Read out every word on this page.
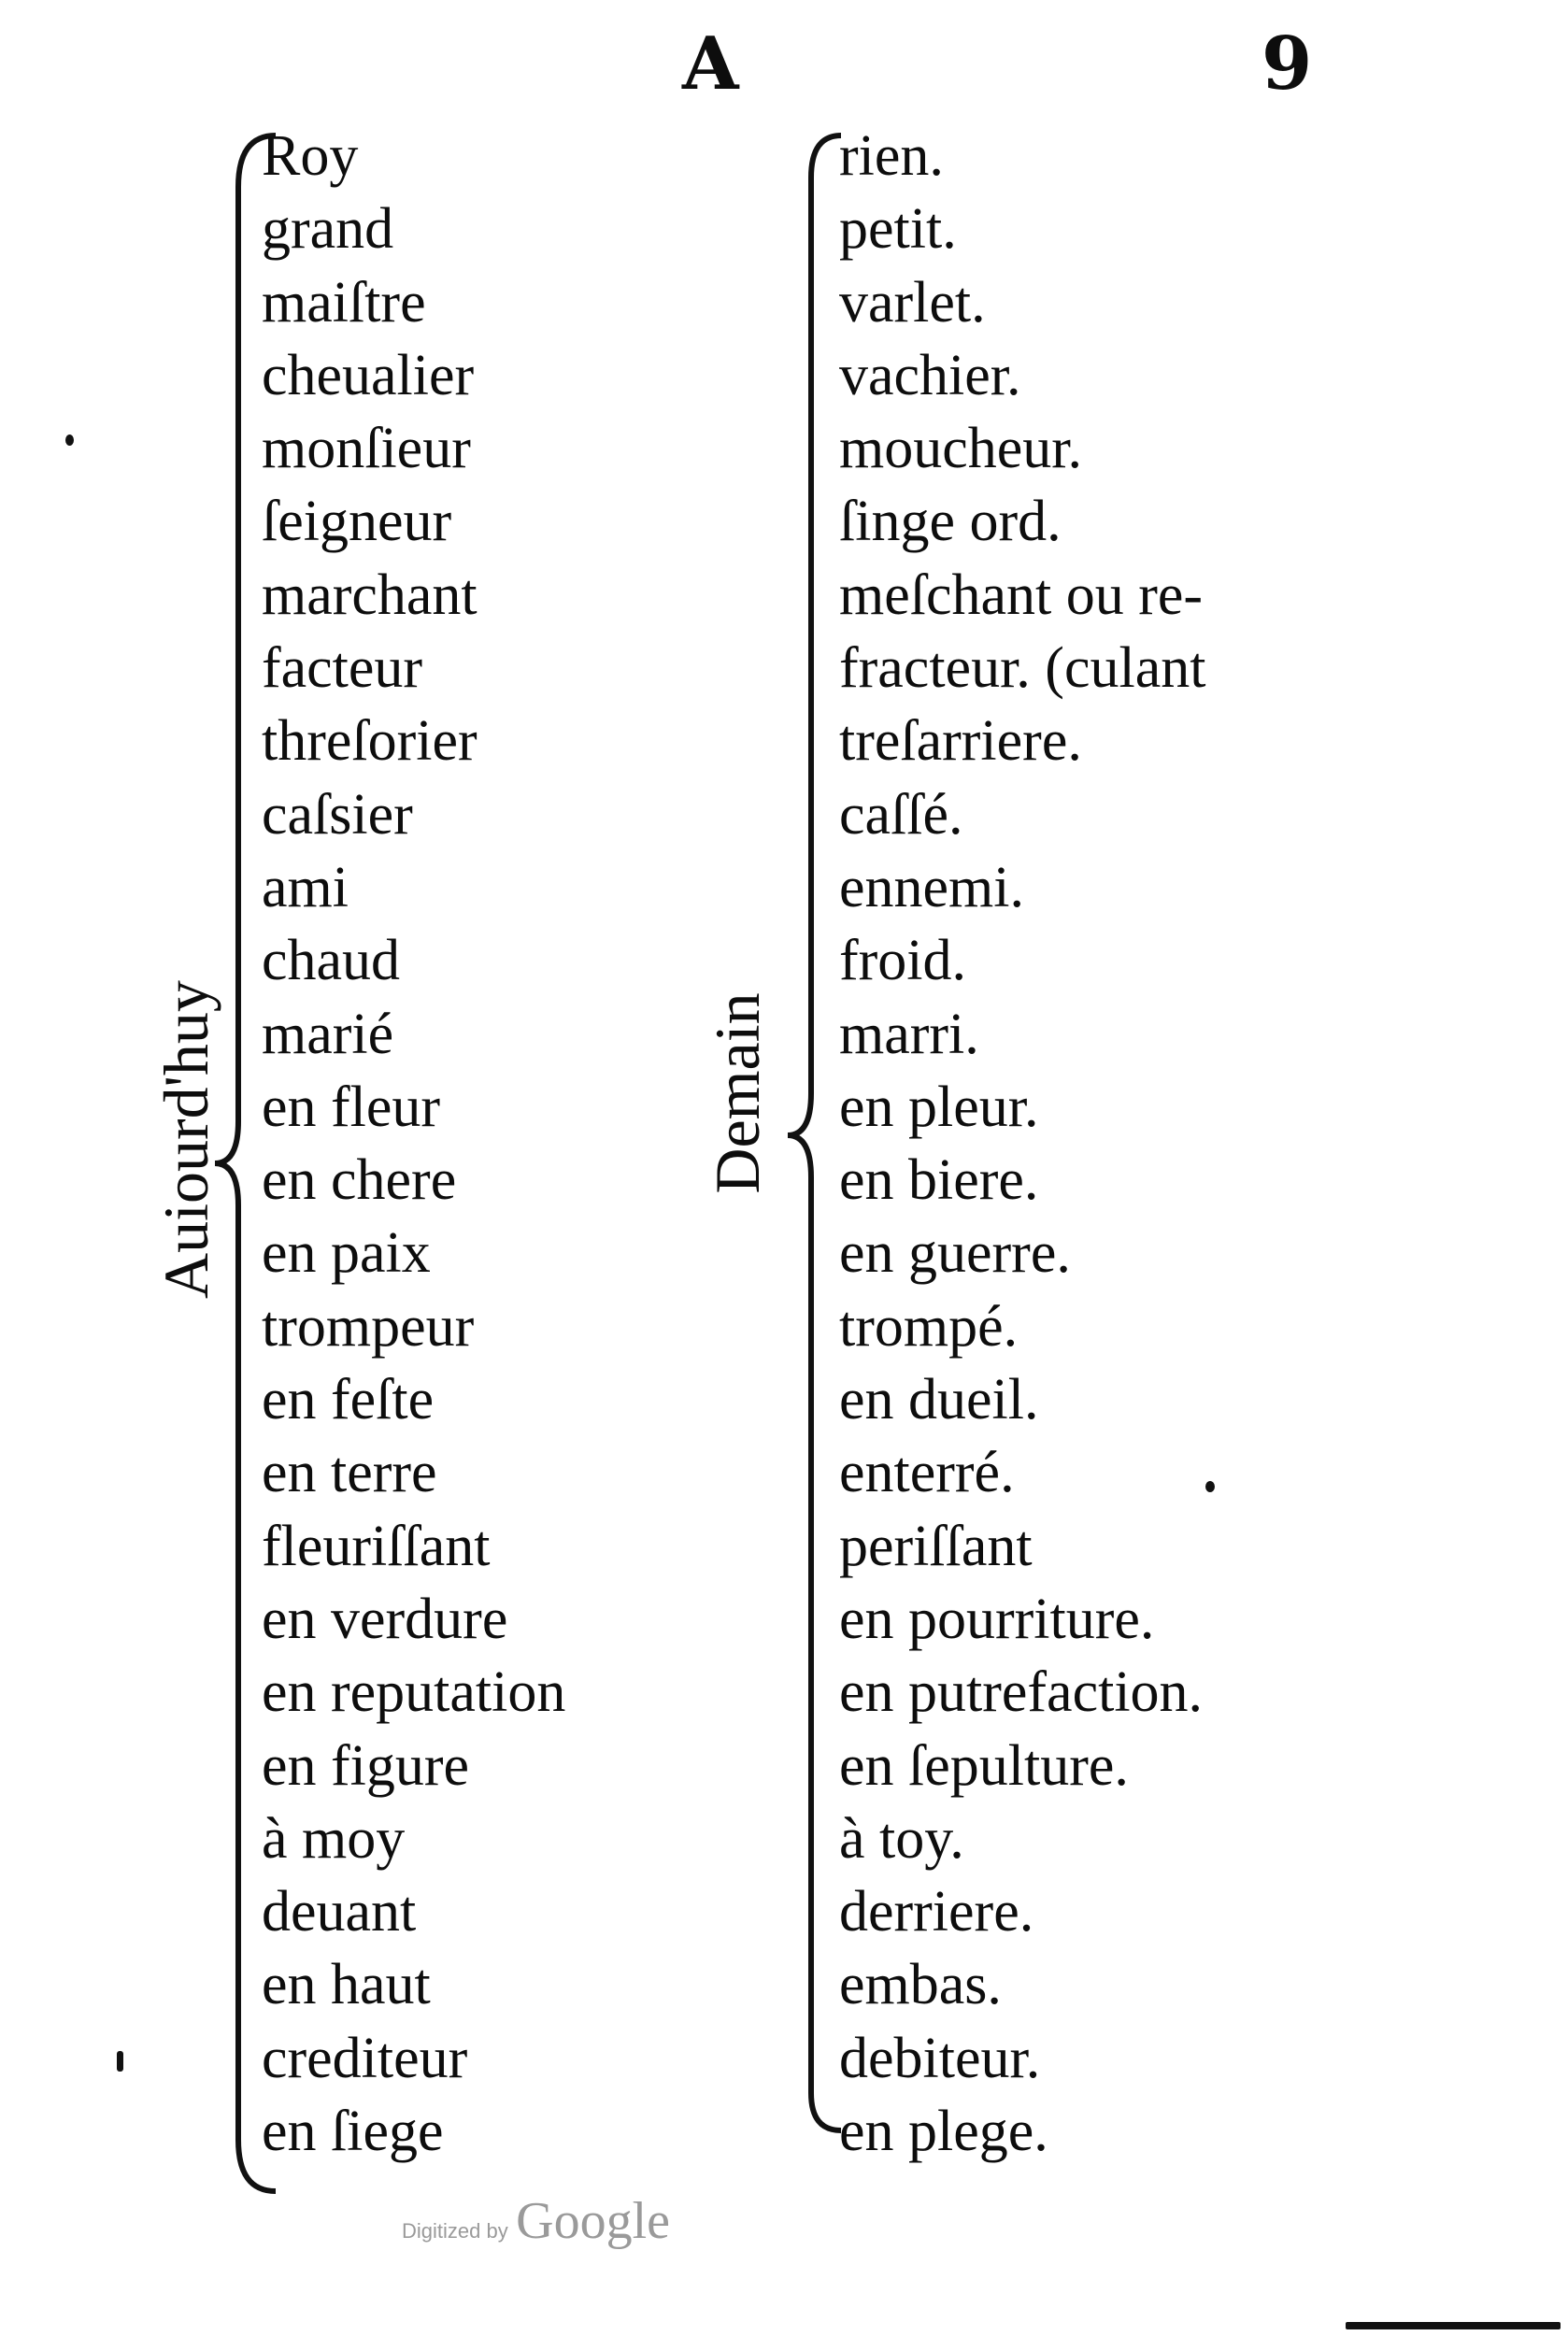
A	9
Auiourd'huy	Demain
Roy
grand
maiſtre
cheualier
monſieur
ſeigneur
marchant
facteur
threſorier
caſsier
ami
chaud
marié
en fleur
en chere
en paix
trompeur
en feſte
en terre
fleuriſſant
en verdure
en reputation
en figure
à moy
deuant
en haut
crediteur
en ſiege
rien.
petit.
varlet.
vachier.
moucheur.
ſinge ord.
meſchant ou re-
fracteur. (culant
treſarriere.
caſſé.
ennemi.
froid.
marri.
en pleur.
en biere.
en guerre.
trompé.
en dueil.
enterré.
periſſant
en pourriture.
en putrefaction.
en ſepulture.
à toy.
derriere.
embas.
debiteur.
en plege.
Digitized by Google
